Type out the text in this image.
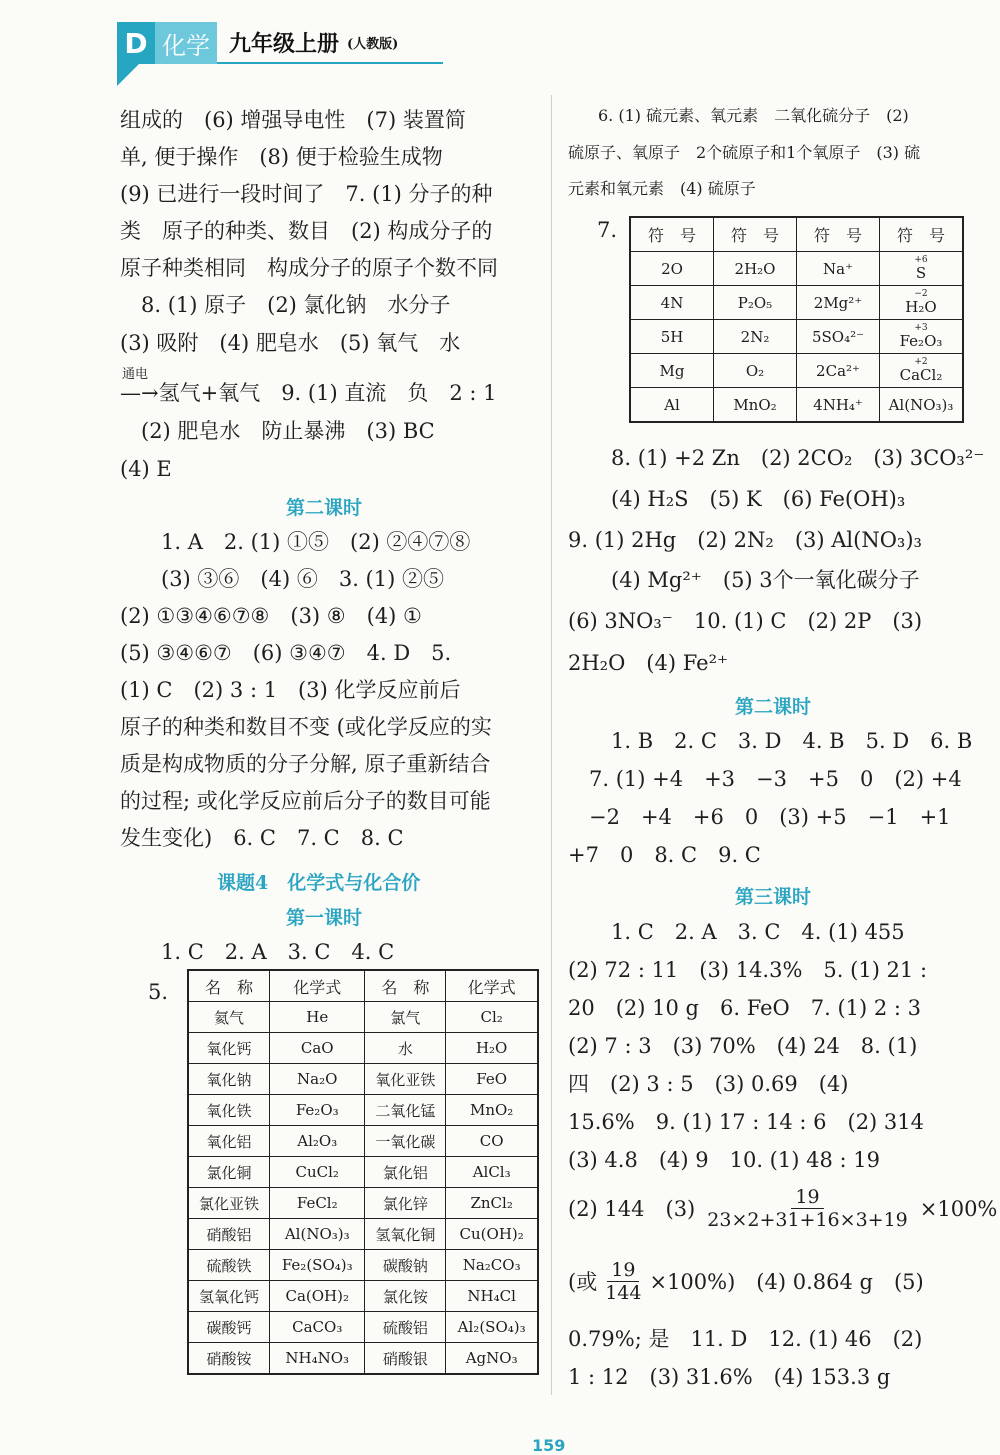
D 化学 九年级上册 (人教版)
组成的　(6) 增强导电性　(7) 装置简
单, 便于操作　(8) 便于检验生成物
(9) 已进行一段时间了　7. (1) 分子的种
类　原子的种类、数目　(2) 构成分子的
原子种类相同　构成分子的原子个数不同
　8. (1) 原子　(2) 氯化钠　水分子
(3) 吸附　(4) 肥皂水　(5) 氧气　水
通电
—→氢气+氧气　9. (1) 直流　负　2 : 1
　(2) 肥皂水　防止暴沸　(3) BC
(4) E
第二课时
　1. A　2. (1) ①⑤　(2) ②④⑦⑧
　(3) ③⑥　(4) ⑥　3. (1) ②⑤
(2) ①③④⑥⑦⑧　(3) ⑧　(4) ①
(5) ③④⑥⑦　(6) ③④⑦　4. D　5.
(1) C　(2) 3 : 1　(3) 化学反应前后
原子的种类和数目不变 (或化学反应的实
质是构成物质的分子分解, 原子重新结合
的过程; 或化学反应前后分子的数目可能
发生变化)　6. C　7. C　8. C
课题4　化学式与化合价
第一课时
　1. C　2. A　3. C　4. C
5. 名　称	化学式	名　称	化学式
氦气	He	氯气	Cl₂
氧化钙	CaO	水	H₂O
氧化钠	Na₂O	氧化亚铁	FeO
氧化铁	Fe₂O₃	二氧化锰	MnO₂
氧化铝	Al₂O₃	一氧化碳	CO
氯化铜	CuCl₂	氯化铝	AlCl₃
氯化亚铁	FeCl₂	氯化锌	ZnCl₂
硝酸铝	Al(NO₃)₃	氢氧化铜	Cu(OH)₂
硫酸铁	Fe₂(SO₄)₃	碳酸钠	Na₂CO₃
氢氧化钙	Ca(OH)₂	氯化铵	NH₄Cl
碳酸钙	CaCO₃	硫酸铝	Al₂(SO₄)₃
硝酸铵	NH₄NO₃	硝酸银	AgNO₃
6. (1) 硫元素、氧元素　二氧化硫分子　(2)
硫原子、氧原子　2个硫原子和1个氧原子　(3) 硫
元素和氧元素　(4) 硫原子
7. 符　号	符　号	符　号	符　号
2O	2H₂O	Na⁺	+6
S

4N	P₂O₅	2Mg²⁺	−2
H₂O

5H	2N₂	5SO₄²⁻	+3
Fe₂O₃

Mg	O₂	2Ca²⁺	+2
CaCl₂

Al	MnO₂	4NH₄⁺	Al(NO₃)₃
　8. (1) +2 Zn　(2) 2CO₂　(3) 3CO₃²⁻
　(4) H₂S　(5) K　(6) Fe(OH)₃
9. (1) 2Hg　(2) 2N₂　(3) Al(NO₃)₃
　(4) Mg²⁺　(5) 3个一氧化碳分子
(6) 3NO₃⁻　10. (1) C　(2) 2P　(3)
2H₂O　(4) Fe²⁺
第二课时
　1. B　2. C　3. D　4. B　5. D　6. B
　7. (1) +4　+3　−3　+5　0　(2) +4
　−2　+4　+6　0　(3) +5　−1　+1
+7　0　8. C　9. C
第三课时
　1. C　2. A　3. C　4. (1) 455
(2) 72 : 11　(3) 14.3%　5. (1) 21 :
20　(2) 10 g　6. FeO　7. (1) 2 : 3
(2) 7 : 3　(3) 70%　(4) 24　8. (1)
四　(2) 3 : 5　(3) 0.69　(4)
15.6%　9. (1) 17 : 14 : 6　(2) 314
(3) 4.8　(4) 9　10. (1) 48 : 19
(2) 144　$(3) \frac{19}{23\times 2+31+16\times 3+19} \times 100\%$
(或 $\frac{19}{144} \times 100\%$)　(4) 0.864 g　(5)
0.79%; 是　11. D　12. (1) 46　(2)
1 : 12　(3) 31.6%　(4) 153.3 g
159
